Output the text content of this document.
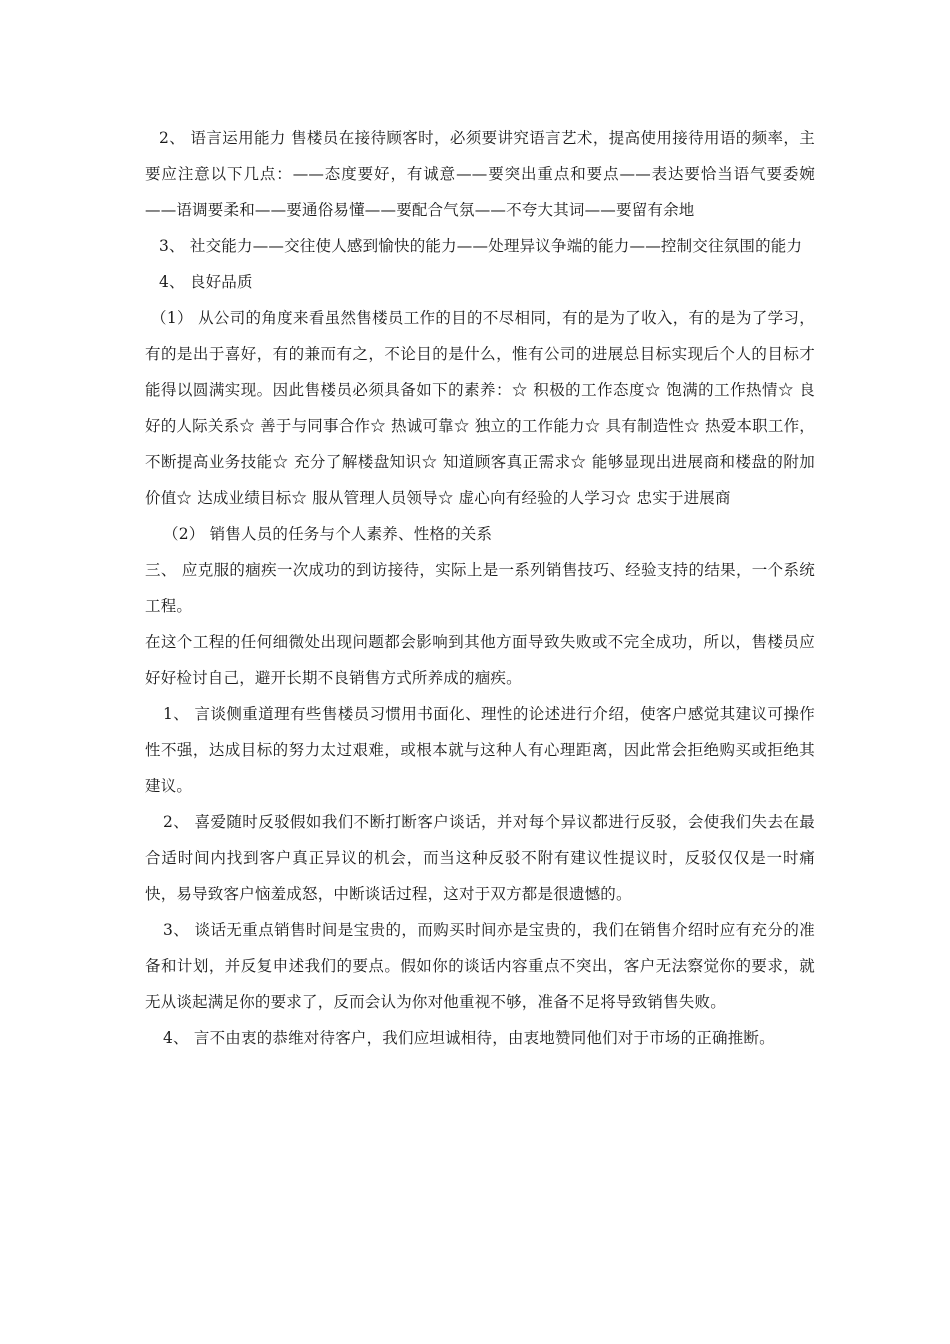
2、 语言运用能力 售楼员在接待顾客时，必须要讲究语言艺术，提高使用接待用语的频率，主要应注意以下几点：——态度要好，有诚意——要突出重点和要点——表达要恰当语气要委婉——语调要柔和——要通俗易懂——要配合气氛——不夸大其词——要留有余地

3、 社交能力——交往使人感到愉快的能力——处理异议争端的能力——控制交往氛围的能力

4、 良好品质

（1） 从公司的角度来看虽然售楼员工作的目的不尽相同，有的是为了收入，有的是为了学习，有的是出于喜好，有的兼而有之，不论目的是什么，惟有公司的进展总目标实现后个人的目标才能得以圆满实现。因此售楼员必须具备如下的素养：☆ 积极的工作态度☆ 饱满的工作热情☆ 良好的人际关系☆ 善于与同事合作☆ 热诚可靠☆ 独立的工作能力☆ 具有制造性☆ 热爱本职工作，不断提高业务技能☆ 充分了解楼盘知识☆ 知道顾客真正需求☆ 能够显现出进展商和楼盘的附加价值☆ 达成业绩目标☆ 服从管理人员领导☆ 虚心向有经验的人学习☆ 忠实于进展商

（2） 销售人员的任务与个人素养、性格的关系

三、 应克服的痼疾一次成功的到访接待，实际上是一系列销售技巧、经验支持的结果，一个系统工程。

在这个工程的任何细微处出现问题都会影响到其他方面导致失败或不完全成功，所以，售楼员应好好检讨自己，避开长期不良销售方式所养成的痼疾。

1、 言谈侧重道理有些售楼员习惯用书面化、理性的论述进行介绍，使客户感觉其建议可操作性不强，达成目标的努力太过艰难，或根本就与这种人有心理距离，因此常会拒绝购买或拒绝其建议。

2、 喜爱随时反驳假如我们不断打断客户谈话，并对每个异议都进行反驳，会使我们失去在最合适时间内找到客户真正异议的机会，而当这种反驳不附有建议性提议时，反驳仅仅是一时痛快，易导致客户恼羞成怒，中断谈话过程，这对于双方都是很遗憾的。

3、 谈话无重点销售时间是宝贵的，而购买时间亦是宝贵的，我们在销售介绍时应有充分的准备和计划，并反复申述我们的要点。假如你的谈话内容重点不突出，客户无法察觉你的要求，就无从谈起满足你的要求了，反而会认为你对他重视不够，准备不足将导致销售失败。

4、 言不由衷的恭维对待客户，我们应坦诚相待，由衷地赞同他们对于市场的正确推断。
